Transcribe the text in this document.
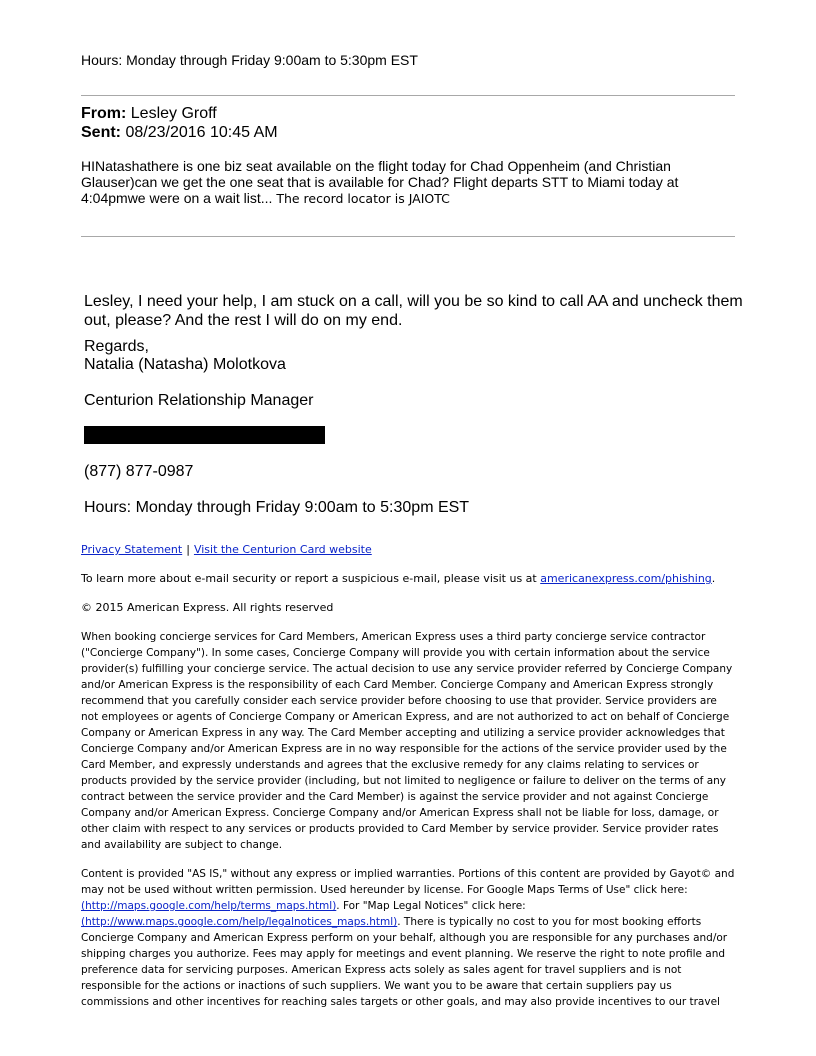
Hours: Monday through Friday 9:00am to 5:30pm EST
From: Lesley Groff
Sent: 08/23/2016 10:45 AM
HINatashathere is one biz seat available on the flight today for Chad Oppenheim (and Christian Glauser)can we get the one seat that is available for Chad? Flight departs STT to Miami today at 4:04pmwe were on a wait list... The record locator is JAIOTC
Lesley, I need your help, I am stuck on a call, will you be so kind to call AA and uncheck them out, please? And the rest I will do on my end.
Regards,
Natalia (Natasha) Molotkova
Centurion Relationship Manager
(877) 877-0987
Hours: Monday through Friday 9:00am to 5:30pm EST
Privacy Statement | Visit the Centurion Card website
To learn more about e-mail security or report a suspicious e-mail, please visit us at americanexpress.com/phishing.
© 2015 American Express. All rights reserved
When booking concierge services for Card Members, American Express uses a third party concierge service contractor ("Concierge Company"). In some cases, Concierge Company will provide you with certain information about the service provider(s) fulfilling your concierge service. The actual decision to use any service provider referred by Concierge Company and/or American Express is the responsibility of each Card Member. Concierge Company and American Express strongly recommend that you carefully consider each service provider before choosing to use that provider. Service providers are not employees or agents of Concierge Company or American Express, and are not authorized to act on behalf of Concierge Company or American Express in any way. The Card Member accepting and utilizing a service provider acknowledges that Concierge Company and/or American Express are in no way responsible for the actions of the service provider used by the Card Member, and expressly understands and agrees that the exclusive remedy for any claims relating to services or products provided by the service provider (including, but not limited to negligence or failure to deliver on the terms of any contract between the service provider and the Card Member) is against the service provider and not against Concierge Company and/or American Express. Concierge Company and/or American Express shall not be liable for loss, damage, or other claim with respect to any services or products provided to Card Member by service provider. Service provider rates and availability are subject to change.
Content is provided "AS IS," without any express or implied warranties. Portions of this content are provided by Gayot© and may not be used without written permission. Used hereunder by license. For Google Maps Terms of Use" click here: (http://maps.google.com/help/terms_maps.html). For "Map Legal Notices" click here: (http://www.maps.google.com/help/legalnotices_maps.html). There is typically no cost to you for most booking efforts Concierge Company and American Express perform on your behalf, although you are responsible for any purchases and/or shipping charges you authorize. Fees may apply for meetings and event planning. We reserve the right to note profile and preference data for servicing purposes. American Express acts solely as sales agent for travel suppliers and is not responsible for the actions or inactions of such suppliers. We want you to be aware that certain suppliers pay us commissions and other incentives for reaching sales targets or other goals, and may also provide incentives to our travel
